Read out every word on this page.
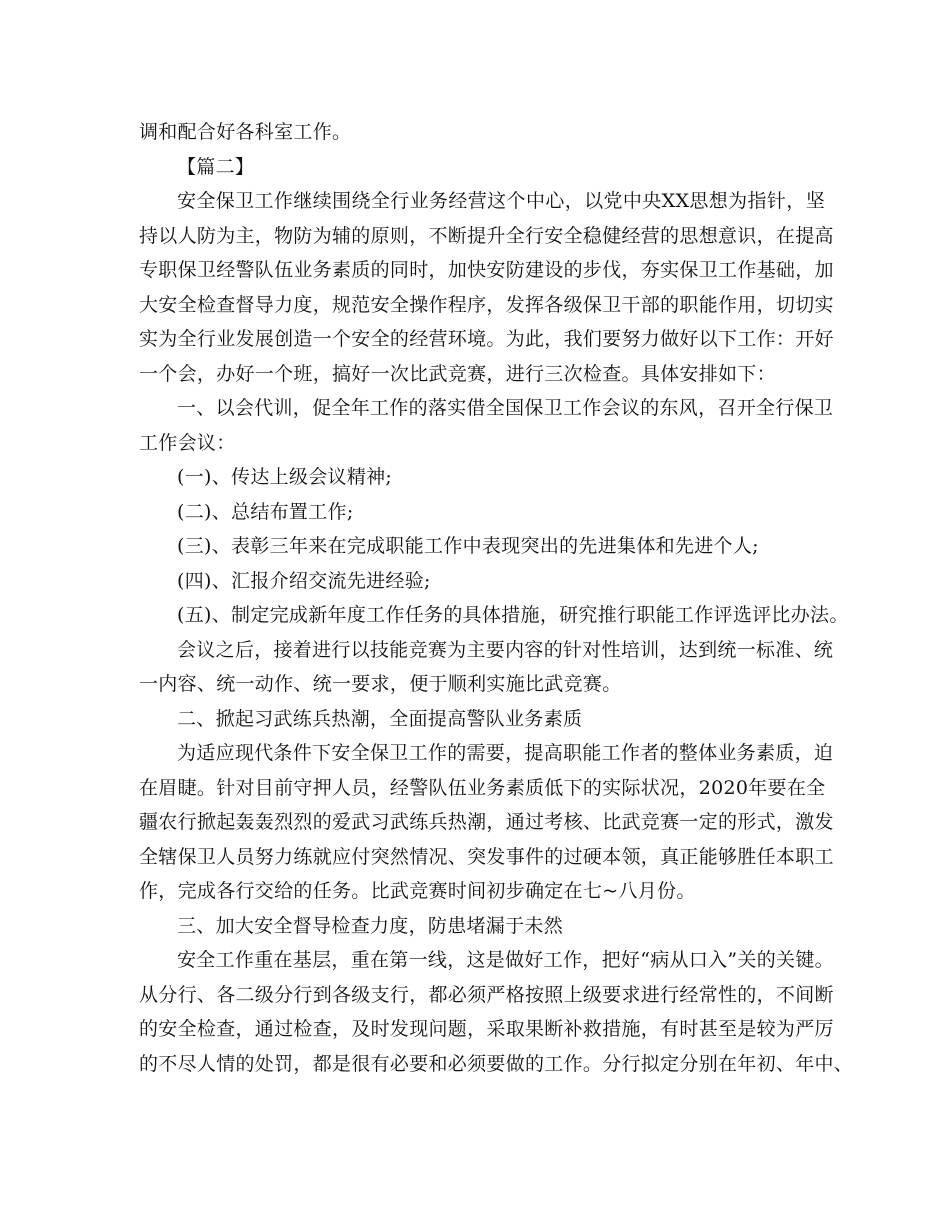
调和配合好各科室工作。
【篇二】
安全保卫工作继续围绕全行业务经营这个中心，以党中央XX思想为指针，坚
持以人防为主，物防为辅的原则，不断提升全行安全稳健经营的思想意识，在提高
专职保卫经警队伍业务素质的同时，加快安防建设的步伐，夯实保卫工作基础，加
大安全检查督导力度，规范安全操作程序，发挥各级保卫干部的职能作用，切切实
实为全行业发展创造一个安全的经营环境。为此，我们要努力做好以下工作：开好
一个会，办好一个班，搞好一次比武竞赛，进行三次检查。具体安排如下：
一、以会代训，促全年工作的落实借全国保卫工作会议的东风，召开全行保卫
工作会议：
(一)、传达上级会议精神;
(二)、总结布置工作;
(三)、表彰三年来在完成职能工作中表现突出的先进集体和先进个人;
(四)、汇报介绍交流先进经验;
(五)、制定完成新年度工作任务的具体措施，研究推行职能工作评选评比办法。
会议之后，接着进行以技能竞赛为主要内容的针对性培训，达到统一标准、统
一内容、统一动作、统一要求，便于顺利实施比武竞赛。
二、掀起习武练兵热潮，全面提高警队业务素质
为适应现代条件下安全保卫工作的需要，提高职能工作者的整体业务素质，迫
在眉睫。针对目前守押人员，经警队伍业务素质低下的实际状况，2020年要在全
疆农行掀起轰轰烈烈的爱武习武练兵热潮，通过考核、比武竞赛一定的形式，激发
全辖保卫人员努力练就应付突然情况、突发事件的过硬本领，真正能够胜任本职工
作，完成各行交给的任务。比武竞赛时间初步确定在七~八月份。
三、加大安全督导检查力度，防患堵漏于未然
安全工作重在基层，重在第一线，这是做好工作，把好“病从口入”关的关键。
从分行、各二级分行到各级支行，都必须严格按照上级要求进行经常性的，不间断
的安全检查，通过检查，及时发现问题，采取果断补救措施，有时甚至是较为严厉
的不尽人情的处罚，都是很有必要和必须要做的工作。分行拟定分别在年初、年中、
